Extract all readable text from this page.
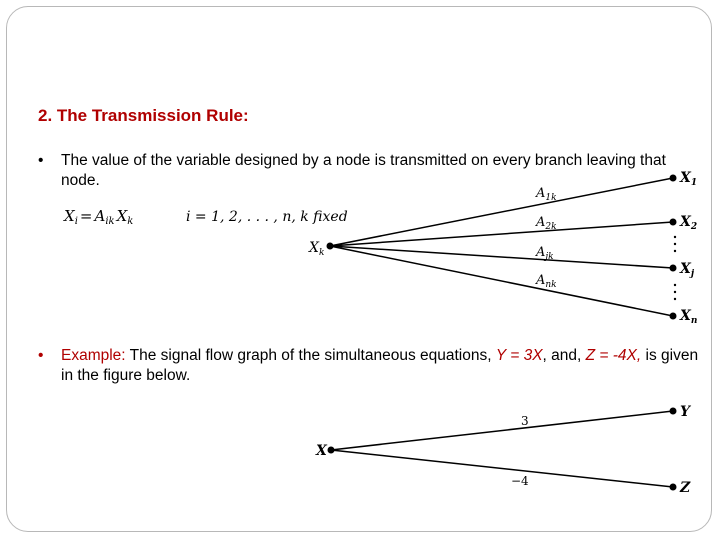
2. The Transmission Rule:
• The value of the variable designed by a node is transmitted on every branch leaving that node.
• Example: The signal flow graph of the simultaneous equations, Y = 3X, and, Z = -4X, is given in the figure below.
$X_i = A_{ik}$ $X_k$	i = 1, 2, . . . , n, k fixed
$X_k$
$A_{1k}$
$A_{2k}$
$A_{jk}$
$A_{nk}$
$X_1$
$X_2$
$X_j$
$X_n$
X
Y
Z
3
−4
